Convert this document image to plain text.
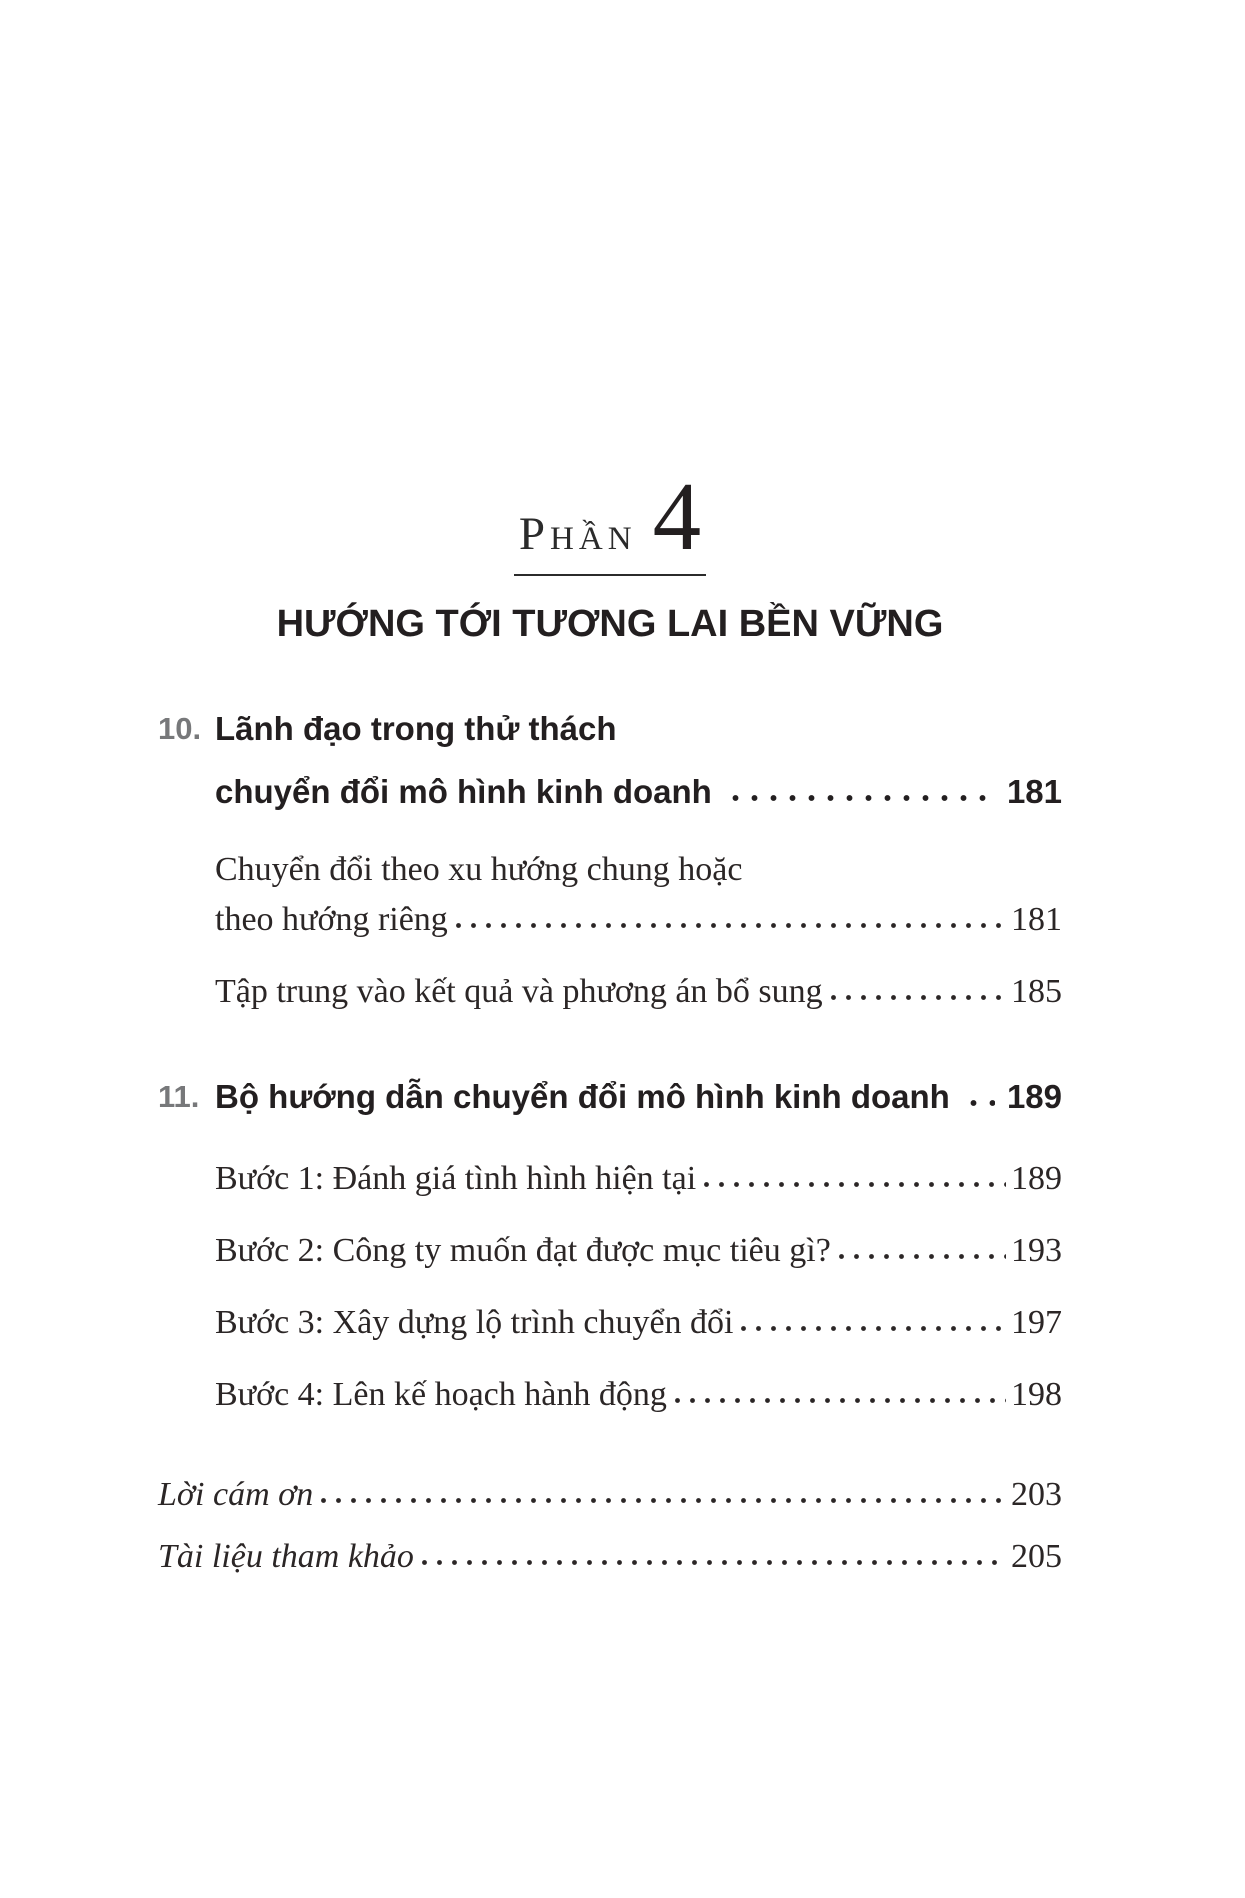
Phần 4
HƯỚNG TỚI TƯƠNG LAI BỀN VỮNG
10. Lãnh đạo trong thử thách
chuyển đổi mô hình kinh doanh	181
Chuyển đổi theo xu hướng chung hoặc
theo hướng riêng	181
Tập trung vào kết quả và phương án bổ sung	185
11. Bộ hướng dẫn chuyển đổi mô hình kinh doanh 189
Bước 1: Đánh giá tình hình hiện tại	189
Bước 2: Công ty muốn đạt được mục tiêu gì?	193
Bước 3: Xây dựng lộ trình chuyển đổi	197
Bước 4: Lên kế hoạch hành động	198
Lời cám ơn	203
Tài liệu tham khảo	205
